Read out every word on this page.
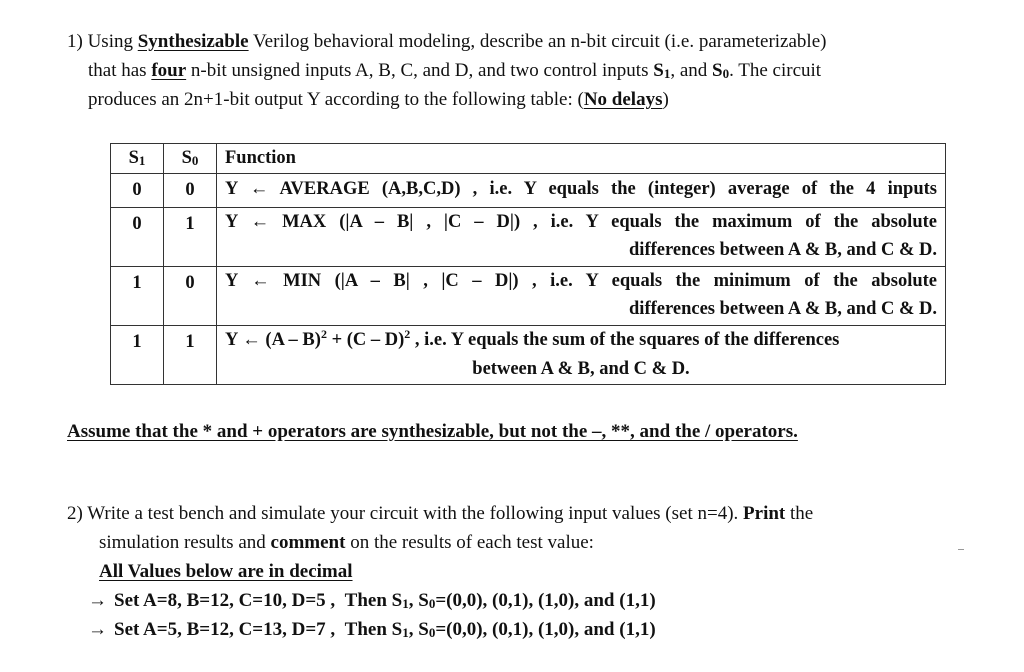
1) Using Synthesizable Verilog behavioral modeling, describe an n-bit circuit (i.e. parameterizable)
that has four n-bit unsigned inputs A, B, C, and D, and two control inputs $S_1$, and $S_0$. The circuit
produces an 2n+1-bit output Y according to the following table: (No delays)
$S_1$	$S_0$	Function

0	0	Y ← AVERAGE (A,B,C,D) , i.e. Y equals the (integer) average of the 4 inputs

0	1	Y ← MAX (|A – B| , |C – D|) , i.e. Y equals the maximum of the absolute
differences between A & B, and C & D.

1	0	Y ← MIN (|A – B| , |C – D|) , i.e. Y equals the minimum of the absolute
differences between A & B, and C & D.

1	1	Y ← (A – B)$^2$ + (C – D)$^2$ , i.e. Y equals the sum of the squares of the differences
between A & B, and C & D.
Assume that the * and + operators are synthesizable, but not the –, **, and the / operators.
2) Write a test bench and simulate your circuit with the following input values (set n=4). Print the
simulation results and comment on the results of each test value:
All Values below are in decimal
→ Set A=8, B=12, C=10, D=5 , Then $S_1$, $S_0=(0,0)$, (0,1), (1,0), and (1,1)
→ Set A=5, B=12, C=13, D=7 , Then $S_1$, $S_0=(0,0)$, (0,1), (1,0), and (1,1)
